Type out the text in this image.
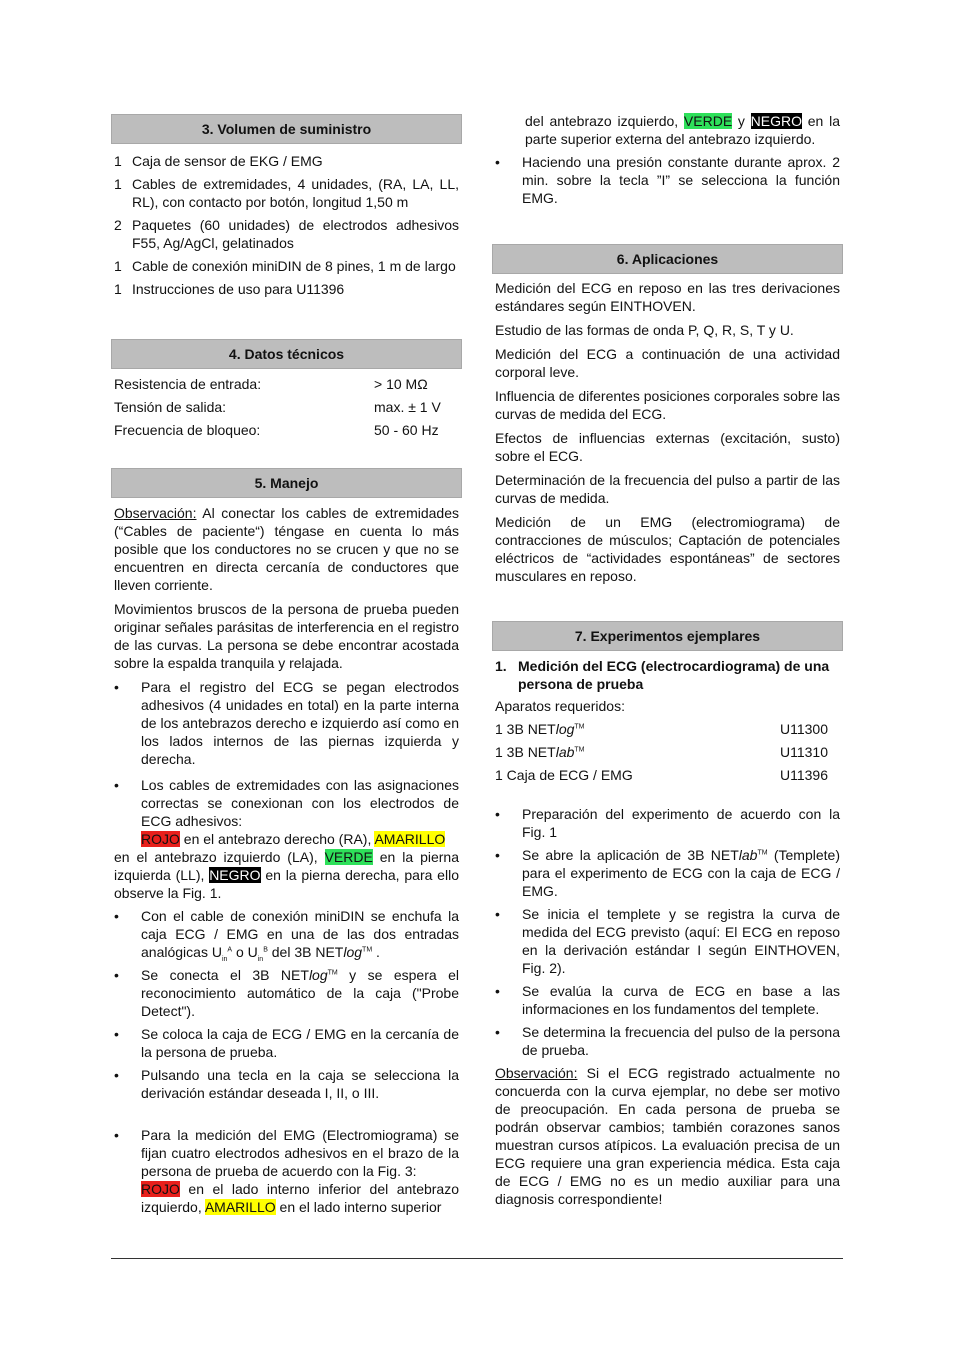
3. Volumen de suministro
1 Caja de sensor de EKG / EMG
1 Cables de extremidades, 4 unidades, (RA, LA, LL, RL), con contacto por botón, longitud 1,50 m
2 Paquetes (60 unidades) de electrodos adhesivos F55, Ag/AgCl, gelatinados
1 Cable de conexión miniDIN de 8 pines, 1 m de largo
1 Instrucciones de uso para U11396
4. Datos técnicos
Resistencia de entrada:	> 10 MΩ
Tensión de salida:	max. ± 1 V
Frecuencia de bloqueo:	50 - 60 Hz
5. Manejo

Observación: Al conectar los cables de extremidades (“Cables de paciente“) téngase en cuenta lo más posible que los conductores no se crucen y que no se encuentren en directa cercanía de conductores que lleven corriente.

Movimientos bruscos de la persona de prueba pueden originar señales parásitas de interferencia en el registro de las curvas. La persona se debe encontrar acostada sobre la espalda tranquila y relajada.

•	Para el registro del ECG se pegan electrodos adhesivos (4 unidades en total) en la parte interna de los antebrazos derecho e izquierdo así como en los lados internos de las piernas izquierda y derecha.
•	Los cables de extremidades con las asignaciones correctas se conexionan con los electrodos de ECG adhesivos:
ROJO en el antebrazo derecho (RA), AMARILLO
en el antebrazo izquierdo (LA), VERDE en la pierna izquierda (LL), NEGRO en la pierna derecha, para ello observe la Fig. 1.
•	Con el cable de conexión miniDIN se enchufa la caja ECG / EMG en una de las dos entradas analógicas $U_{in}^A$ o $U_{in}^B$ del 3B NETlog™ .
•	Se conecta el 3B NETlog™ y se espera el reconocimiento automático de la caja ("Probe Detect").
•	Se coloca la caja de ECG / EMG en la cercanía de la persona de prueba.
•	Pulsando una tecla en la caja se selecciona la derivación estándar deseada I, II, o III.
•	Para la medición del EMG (Electromiograma) se fijan cuatro electrodos adhesivos en el brazo de la persona de prueba de acuerdo con la Fig. 3:
ROJO en el lado interno inferior del antebrazo izquierdo, AMARILLO en el lado interno superior
del antebrazo izquierdo, VERDE y NEGRO en la parte superior externa del antebrazo izquierdo.
•	Haciendo una presión constante durante aprox. 2 min. sobre la tecla ”I” se selecciona la función EMG.
6. Aplicaciones

Medición del ECG en reposo en las tres derivaciones estándares según EINTHOVEN.

Estudio de las formas de onda P, Q, R, S, T y U.

Medición del ECG a continuación de una actividad corporal leve.

Influencia de diferentes posiciones corporales sobre las curvas de medida del ECG.

Efectos de influencias externas (excitación, susto) sobre el ECG.

Determinación de la frecuencia del pulso a partir de las curvas de medida.

Medición de un EMG (electromiograma) de contracciones de músculos; Captación de potenciales eléctricos de “actividades espontáneas” de sectores musculares en reposo.

7. Experimentos ejemplares
1. Medición del ECG (electrocardiograma) de una persona de prueba

Aparatos requeridos:

1 3B NETlog™	U11300
1 3B NETlab™	U11310
1 Caja de ECG / EMG	U11396
•	Preparación del experimento de acuerdo con la Fig. 1
•	Se abre la aplicación de 3B NETlab™ (Templete) para el experimento de ECG con la caja de ECG / EMG.
•	Se inicia el templete y se registra la curva de medida del ECG previsto (aquí: El ECG en reposo en la derivación estándar I según EINTHOVEN, Fig. 2).
•	Se evalúa la curva de ECG en base a las informaciones en los fundamentos del templete.
•	Se determina la frecuencia del pulso de la persona de prueba.

Observación: Si el ECG registrado actualmente no concuerda con la curva ejemplar, no debe ser motivo de preocupación. En cada persona de prueba se podrán observar cambios; también corazones sanos muestran cursos atípicos. La evaluación precisa de un ECG requiere una gran experiencia médica. Esta caja de ECG / EMG no es un medio auxiliar para una diagnosis correspondiente!
